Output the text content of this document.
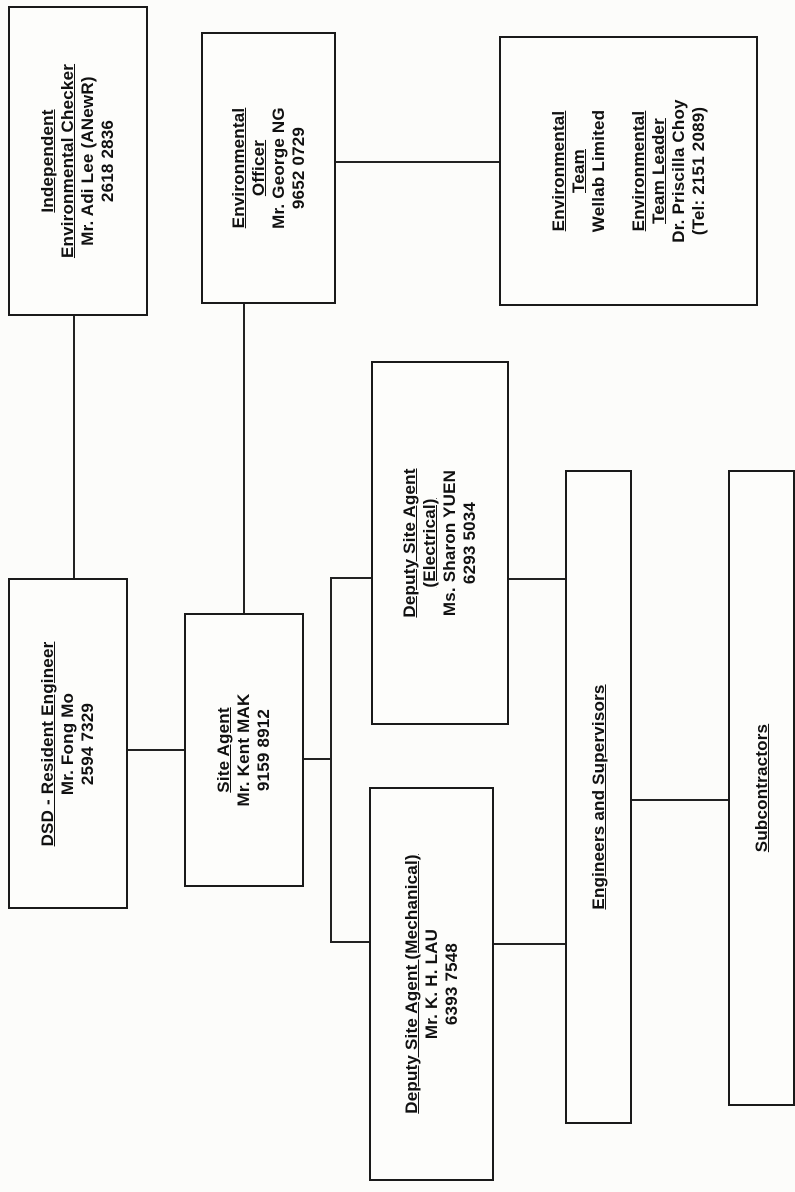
DSD - Resident Engineer Mr. Fong Mo 2594 7329
Independent Environmental Checker Mr. Adi Lee (ANewR) 2618 2836	Environmental Officer Mr. George NG 9652 0729	Environmental Team Wellab Limited Environmental Team Leader Dr. Priscilla Choy (Tel: 2151 2089)
Site Agent Mr. Kent MAK 9159 8912
Deputy Site Agent (Electrical) Ms. Sharon YUEN 6293 5034
Deputy Site Agent (Mechanical) Mr. K. H. LAU 6393 7548
Engineers and Supervisors	Subcontractors
